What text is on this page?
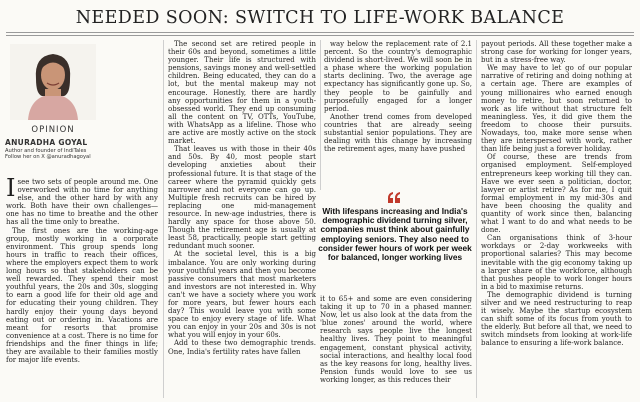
NEEDED SOON: SWITCH TO LIFE-WORK BALANCE
OPINION
ANURADHA GOYAL
Author and founder of IndiTales
Follow her on X @anuradhagoyal

Isee two sets of people around me. One overworked with no time for anything else, and the other hard by with any work. Both have their own challenges—one has no time to breathe and the other has all the time only to breathe.

The first ones are the working-age group, mostly working in a corporate environment. This group spends long hours in traffic to reach their offices, where the employers expect them to work long hours so that stakeholders can be well rewarded. They spend their most youthful years, the 20s and 30s, slogging to earn a good life for their old age and for educating their young children. They hardly enjoy their young days beyond eating out or ordering in. Vacations are meant for resorts that promise convenience at a cost. There is no time for friendships and the finer things in life; they are available to their families mostly for major life events.

The second set are retired people in their 60s and beyond, sometimes a little younger. Their life is structured with pensions, savings money and well-settled children. Being educated, they can do a lot, but the mental makeup may not encourage. Honestly, there are hardly any opportunities for them in a youth-obsessed world. They end up consuming all the content on TV, OTTs, YouTube, with WhatsApp as a lifeline. Those who are active are mostly active on the stock market.

That leaves us with those in their 40s and 50s. By 40, most people start developing anxieties about their professional future. It is that stage of the career where the pyramid quickly gets narrower and not everyone can go up. Multiple fresh recruits can be hired by replacing one mid-management resource. In new-age industries, there is hardly any space for those above 50. Though the retirement age is usually at least 58, practically, people start getting redundant much sooner.

At the societal level, this is a big imbalance. You are only working during your youthful years and then you become passive consumers that most marketers and investors are not interested in. Why can't we have a society where you work for more years, but fewer hours each day? This would leave you with some space to enjoy every stage of life. What you can enjoy in your 20s and 30s is not what you will enjoy in your 60s.

Add to these two demographic trends. One, India's fertility rates have fallen

way below the replacement rate of 2.1 percent. So the country's demographic dividend is short-lived. We will soon be in a phase where the working population starts declining. Two, the average age expectancy has significantly gone up. So, they people to be gainfully and purposefully engaged for a longer period.

Another trend comes from developed countries that are already seeing substantial senior populations. They are dealing with this change by increasing the retirement ages, many have pushed

payout periods. All these together make a strong case for working for longer years, but in a stress-free way.

We may have to let go of our popular narrative of retiring and doing nothing at a certain age. There are examples of young millionaires who earned enough money to retire, but soon returned to work as life without that structure felt meaningless. Yes, it did give them the freedom to choose their pursuits. Nowadays, too, make more sense when they are interspersed with work, rather than life being just a forever holiday.

Of course, these are trends from organised employment. Self-employed entrepreneurs keep working till they can. Have we ever seen a politician, doctor, lawyer or artist retire? As for me, I quit formal employment in my mid-30s and have been choosing the quality and quantity of work since then, balancing what I want to do and what needs to be done.

Can organisations think of 3-hour workdays or 2-day workweeks with proportional salaries? This may become inevitable with the gig economy taking up a larger share of the workforce, although that pushes people to work longer hours in a bid to maximise returns.

The demographic dividend is turning silver and we need restructuring to reap it wisely. Maybe the startup ecosystem can shift some of its focus from youth to the elderly. But before all that, we need to switch mindsets from looking at work-life balance to ensuring a life-work balance.

With lifespans increasing and India's demographic dividend turning silver, companies must think about gainfully employing seniors. They also need to consider fewer hours of work per week for balanced, longer working lives

it to 65+ and some are even considering taking it up to 70 in a phased manner. Now, let us also look at the data from the 'blue zones' around the world, where research says people live the longest healthy lives. They point to meaningful engagement, constant physical activity, social interactions, and healthy local food as the key reasons for long, healthy lives. Pension funds would love to see us working longer, as this reduces their
